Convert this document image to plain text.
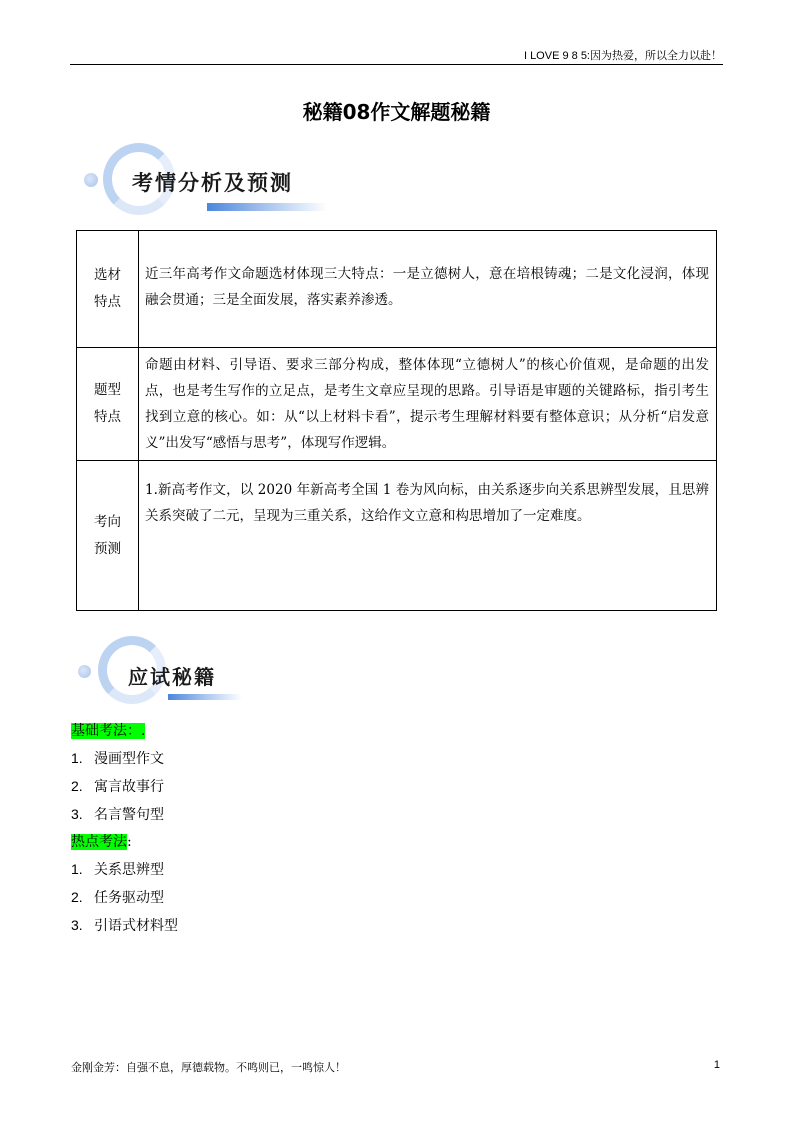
I LOVE 9 8 5:因为热爱，所以全力以赴！
秘籍08作文解题秘籍
考情分析及预测
选材
特点	近三年高考作文命题选材体现三大特点：一是立德树人，意在培根铸魂；二是文化浸润，体现融会贯通；三是全面发展，落实素养渗透。

题型
特点	命题由材料、引导语、要求三部分构成，整体体现“立德树人”的核心价值观，是命题的出发点，也是考生写作的立足点，是考生文章应呈现的思路。引导语是审题的关键路标，指引考生找到立意的核心。如：从“以上材料卡看”，提示考生理解材料要有整体意识；从分析“启发意义”出发写“感悟与思考”，体现写作逻辑。

考向
预测	1.新高考作文，以 2020 年新高考全国 1 卷为风向标，由关系逐步向关系思辨型发展，且思辨关系突破了二元，呈现为三重关系，这给作文立意和构思增加了一定难度。
应试秘籍
基础考法：.
1. 漫画型作文
2. 寓言故事行
3. 名言警句型
热点考法:
1. 关系思辨型
2. 任务驱动型
3. 引语式材料型
金刚金芳：自强不息，厚德载物。不鸣则已，一鸣惊人！	1
